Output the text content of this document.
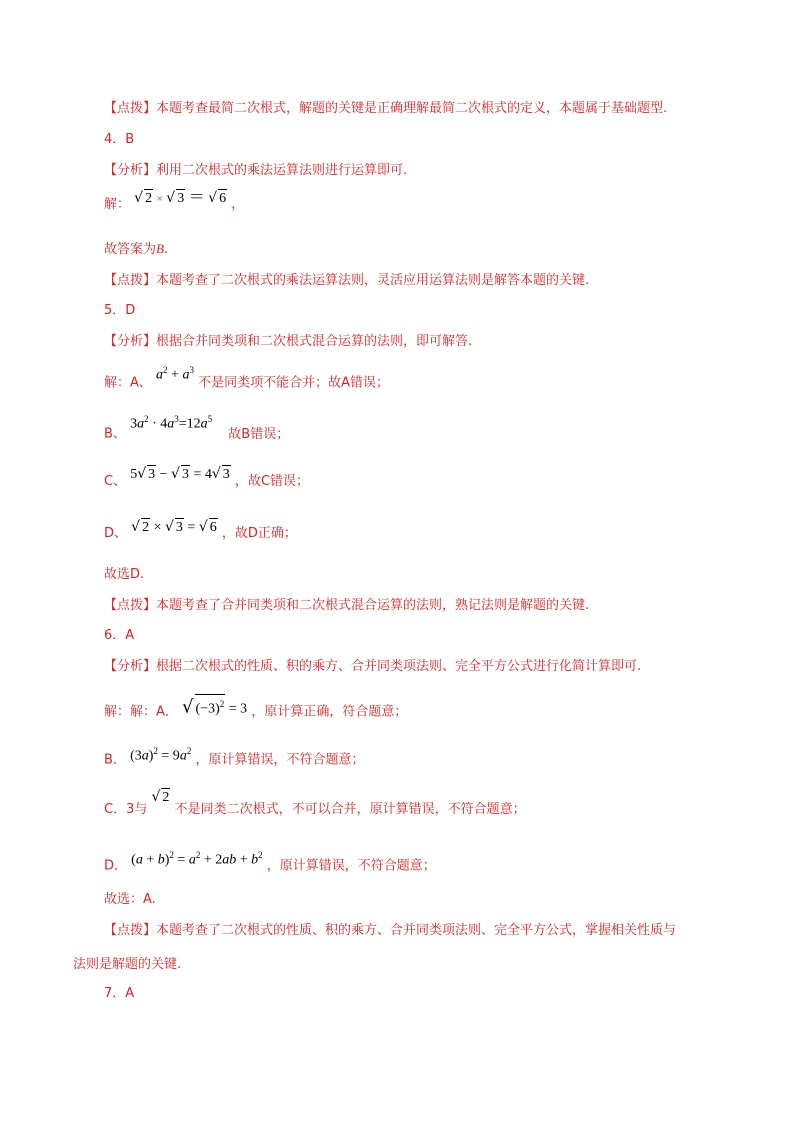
【点拨】本题考查最简二次根式，解题的关键是正确理解最简二次根式的定义，本题属于基础题型.
4．B
【分析】利用二次根式的乘法运算法则进行运算即可.
解： √ 2 × √ 3 ＝ √ 6 ，
故答案为B.
【点拨】本题考查了二次根式的乘法运算法则，灵活应用运算法则是解答本题的关键.
5．D
【分析】根据合并同类项和二次根式混合运算的法则，即可解答.
解：A、 $a^2 + a^3$ 不是同类项不能合并；故A错误；
B、 $3a^2 \cdot 4a^3=12a^5$ 故B错误；
C、 5√ 3 − √ 3 = 4√ 3 ，故C错误；
D、 √ 2 × √ 3 = √ 6 ，故D正确；
故选D.
【点拨】本题考查了合并同类项和二次根式混合运算的法则，熟记法则是解题的关键.
6．A
【分析】根据二次根式的性质、积的乘方、合并同类项法则、完全平方公式进行化简计算即可.
解：解：A． √ $(-3)^2 = 3$ ，原计算正确，符合题意；
B． $(3a)^2 = 9a^2$ ，原计算错误，不符合题意；
C．3与 √ 2 不是同类二次根式，不可以合并，原计算错误，不符合题意；
D． $(a + b)^2 = a^2 + 2ab + b^2$ ，原计算错误，不符合题意；
故选：A.
【点拨】本题考查了二次根式的性质、积的乘方、合并同类项法则、完全平方公式，掌握相关性质与
法则是解题的关键.
7．A
